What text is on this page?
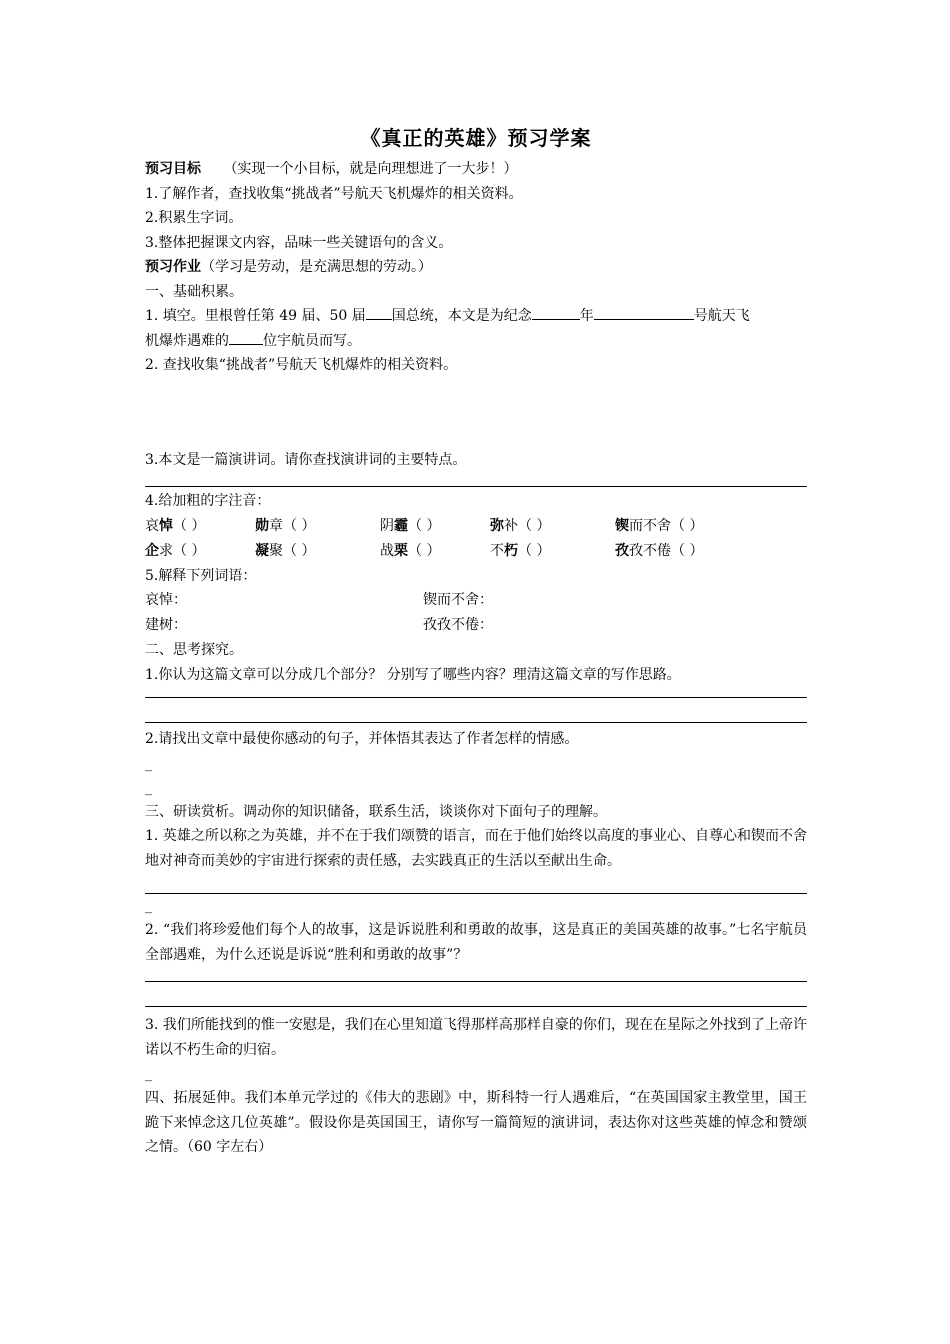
《真正的英雄》预习学案
预习目标 （实现一个小目标，就是向理想进了一大步！）
1.了解作者，查找收集“挑战者”号航天飞机爆炸的相关资料。
2.积累生字词。
3.整体把握课文内容，品味一些关键语句的含义。
预习作业（学习是劳动，是充满思想的劳动。）
一、基础积累。
1. 填空。里根曾任第 49 届、50 届 国总统，本文是为纪念	年	号航天飞
机爆炸遇难的 位宇航员而写。
2. 查找收集“挑战者”号航天飞机爆炸的相关资料。
3.本文是一篇演讲词。请你查找演讲词的主要特点。
4.给加粗的字注音：
哀悼（ ）	勋章（ ）	阴霾（ ）	弥补（ ）	锲而不舍（ ）
企求（ ）	凝聚（ ）	战栗（ ）	不朽（ ）	孜孜不倦（ ）
5.解释下列词语：
哀悼：	锲而不舍：
建树：	孜孜不倦：
二、思考探究。
1.你认为这篇文章可以分成几个部分？ 分别写了哪些内容？理清这篇文章的写作思路。
2.请找出文章中最使你感动的句子，并体悟其表达了作者怎样的情感。
_
_
三、研读赏析。调动你的知识储备，联系生活，谈谈你对下面句子的理解。
1. 英雄之所以称之为英雄，并不在于我们颂赞的语言，而在于他们始终以高度的事业心、自尊心和锲而不舍地对神奇而美妙的宇宙进行探索的责任感，去实践真正的生活以至献出生命。
_
2. “我们将珍爱他们每个人的故事，这是诉说胜利和勇敢的故事，这是真正的美国英雄的故事。”七名宇航员全部遇难，为什么还说是诉说“胜利和勇敢的故事”？
3. 我们所能找到的惟一安慰是，我们在心里知道飞得那样高那样自豪的你们，现在在星际之外找到了上帝许诺以不朽生命的归宿。
_
四、拓展延伸。我们本单元学过的《伟大的悲剧》中，斯科特一行人遇难后，“在英国国家主教堂里，国王跪下来悼念这几位英雄”。假设你是英国国王，请你写一篇简短的演讲词，表达你对这些英雄的悼念和赞颂之情。（60 字左右）
